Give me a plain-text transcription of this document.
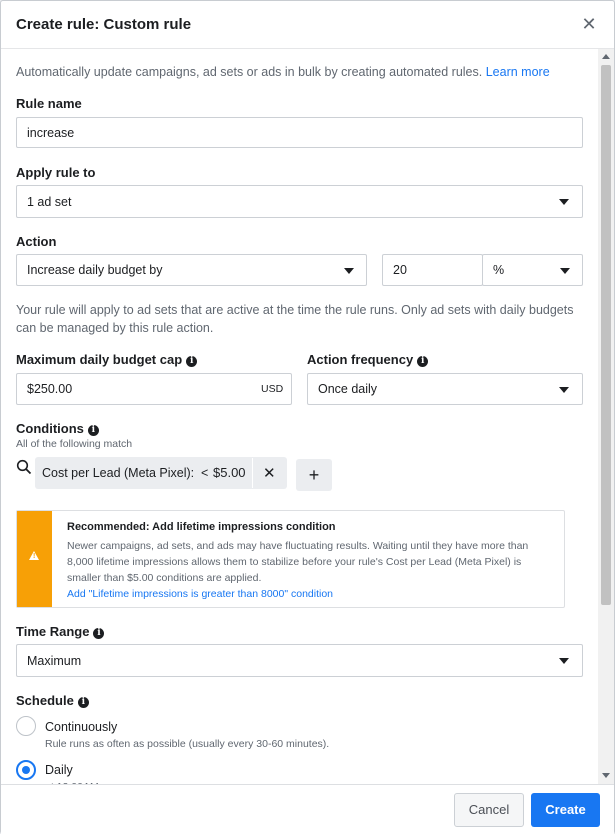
Create rule: Custom rule	✕
Automatically update campaigns, ad sets or ads in bulk by creating automated rules. Learn more
Rule name
increase
Apply rule to
1 ad set
Action
Increase daily budget by	20	%
Your rule will apply to ad sets that are active at the time the rule runs. Only ad sets with daily budgets
can be managed by this rule action.
Maximum daily budget cap i
$250.00	USD
Action frequency i
Once daily
Conditions i
All of the following match
Cost per Lead (Meta Pixel): < $5.00 ✕	+
!
Recommended: Add lifetime impressions condition
Newer campaigns, ad sets, and ads may have fluctuating results. Waiting until they have more than
8,000 lifetime impressions allows them to stabilize before your rule's Cost per Lead (Meta Pixel) is
smaller than $5.00 conditions are applied.
Add "Lifetime impressions is greater than 8000" condition
Time Range i
Maximum
Schedule i
Continuously
Rule runs as often as possible (usually every 30-60 minutes).
Daily
Cancel	Create
